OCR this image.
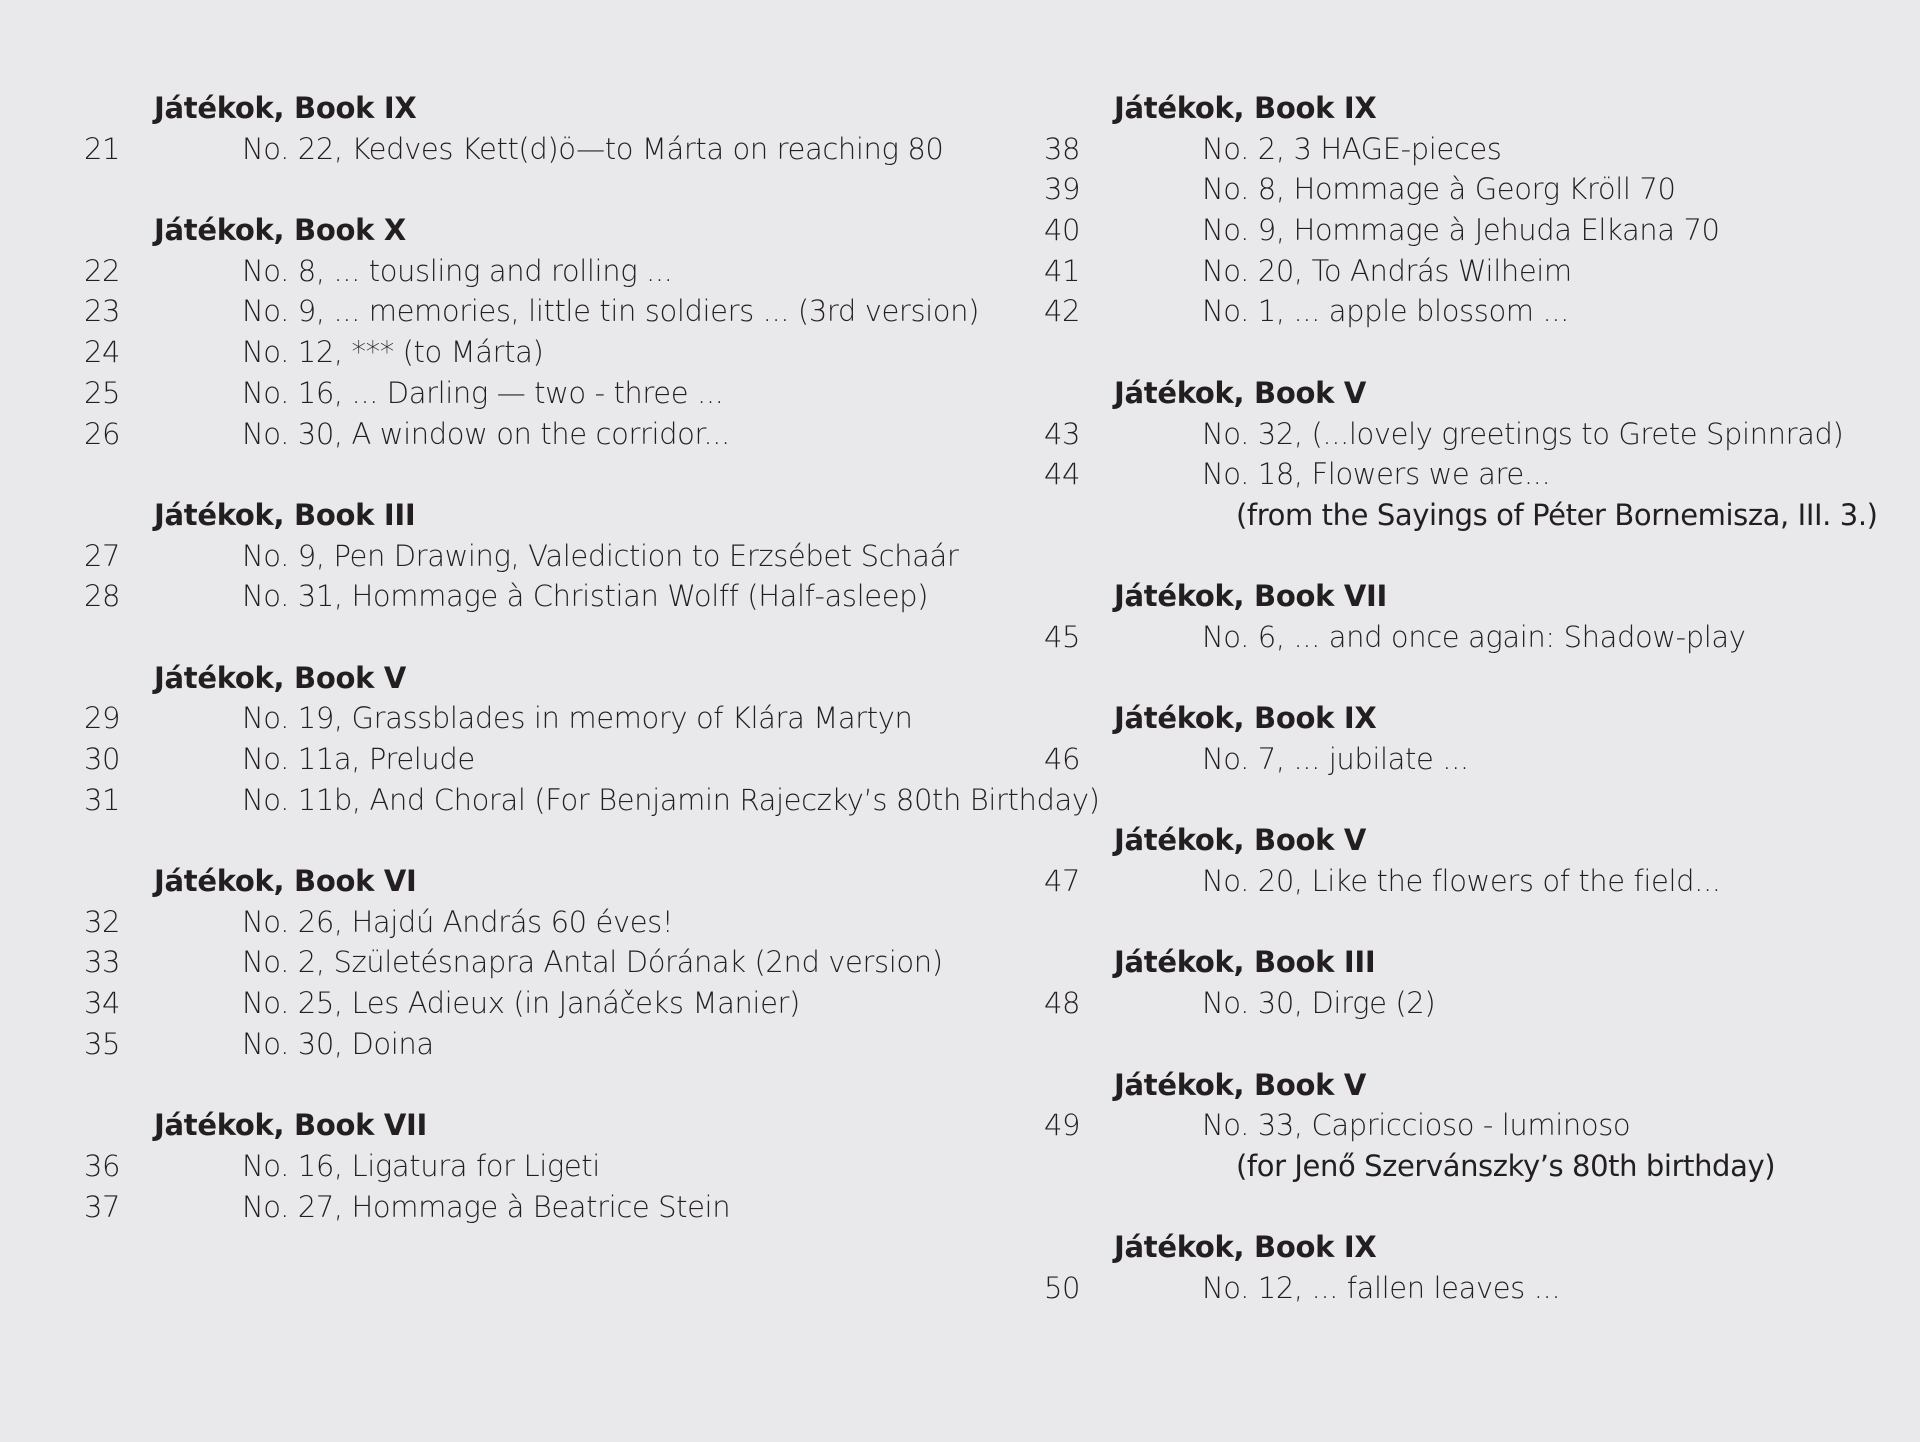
Játékok, Book IX
21	No. 22, Kedves Kett(d)ö—to Márta on reaching 80
Játékok, Book X
22	No. 8, ... tousling and rolling ...
23	No. 9, ... memories, little tin soldiers ... (3rd version)
24	No. 12, *** (to Márta)
25	No. 16, ... Darling — two - three ...
26	No. 30, A window on the corridor...
Játékok, Book III
27	No. 9, Pen Drawing, Valediction to Erzsébet Schaár
28	No. 31, Hommage à Christian Wolff (Half-asleep)
Játékok, Book V
29	No. 19, Grassblades in memory of Klára Martyn
30	No. 11a, Prelude
31	No. 11b, And Choral (For Benjamin Rajeczky’s 80th Birthday)
Játékok, Book VI
32	No. 26, Hajdú András 60 éves!
33	No. 2, Születésnapra Antal Dórának (2nd version)
34	No. 25, Les Adieux (in Janáčeks Manier)
35	No. 30, Doina
Játékok, Book VII
36	No. 16, Ligatura for Ligeti
37	No. 27, Hommage à Beatrice Stein
Játékok, Book IX
38	No. 2, 3 HAGE-pieces
39	No. 8, Hommage à Georg Kröll 70
40	No. 9, Hommage à Jehuda Elkana 70
41	No. 20, To András Wilheim
42	No. 1, ... apple blossom ...
Játékok, Book V
43	No. 32, (...lovely greetings to Grete Spinnrad)
44	No. 18, Flowers we are...
(from the Sayings of Péter Bornemisza, III. 3.)
Játékok, Book VII
45	No. 6, ... and once again: Shadow-play
Játékok, Book IX
46	No. 7, ... jubilate ...
Játékok, Book V
47	No. 20, Like the flowers of the field...
Játékok, Book III
48	No. 30, Dirge (2)
Játékok, Book V
49	No. 33, Capriccioso - luminoso
(for Jenő Szervánszky’s 80th birthday)
Játékok, Book IX
50	No. 12, ... fallen leaves ...
